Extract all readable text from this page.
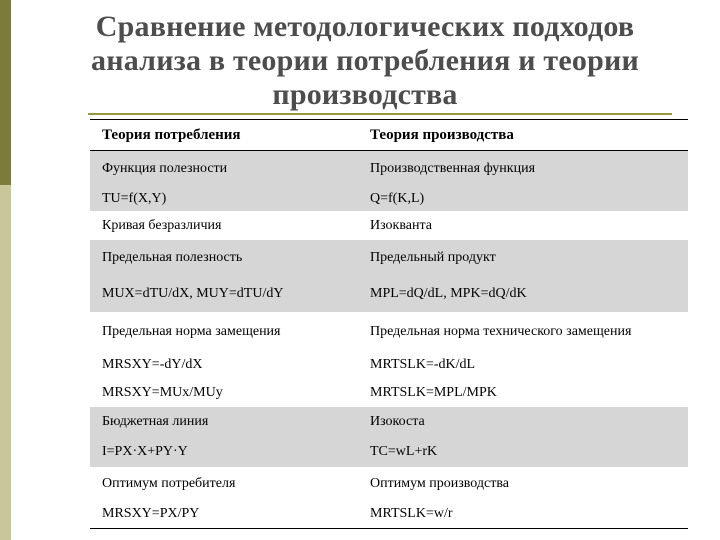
Сравнение методологических подходов
анализа в теории потребления и теории
производства
Теория потребления	Теория производства
Функция полезности	Производственная функция
TU=f(X,Y)	Q=f(K,L)
Кривая безразличия	Изокванта
Предельная полезность	Предельный продукт
MUX=dTU/dX, MUY=dTU/dY	MPL=dQ/dL, MPK=dQ/dK
Предельная норма замещения	Предельная норма технического замещения
MRSXY=-dY/dX	MRTSLK=-dK/dL
MRSXY=MUx/MUy	MRTSLK=MPL/MPK
Бюджетная линия	Изокоста
I=PX·X+PY·Y	TC=wL+rK
Оптимум потребителя	Оптимум производства
MRSXY=PX/PY	MRTSLK=w/r
